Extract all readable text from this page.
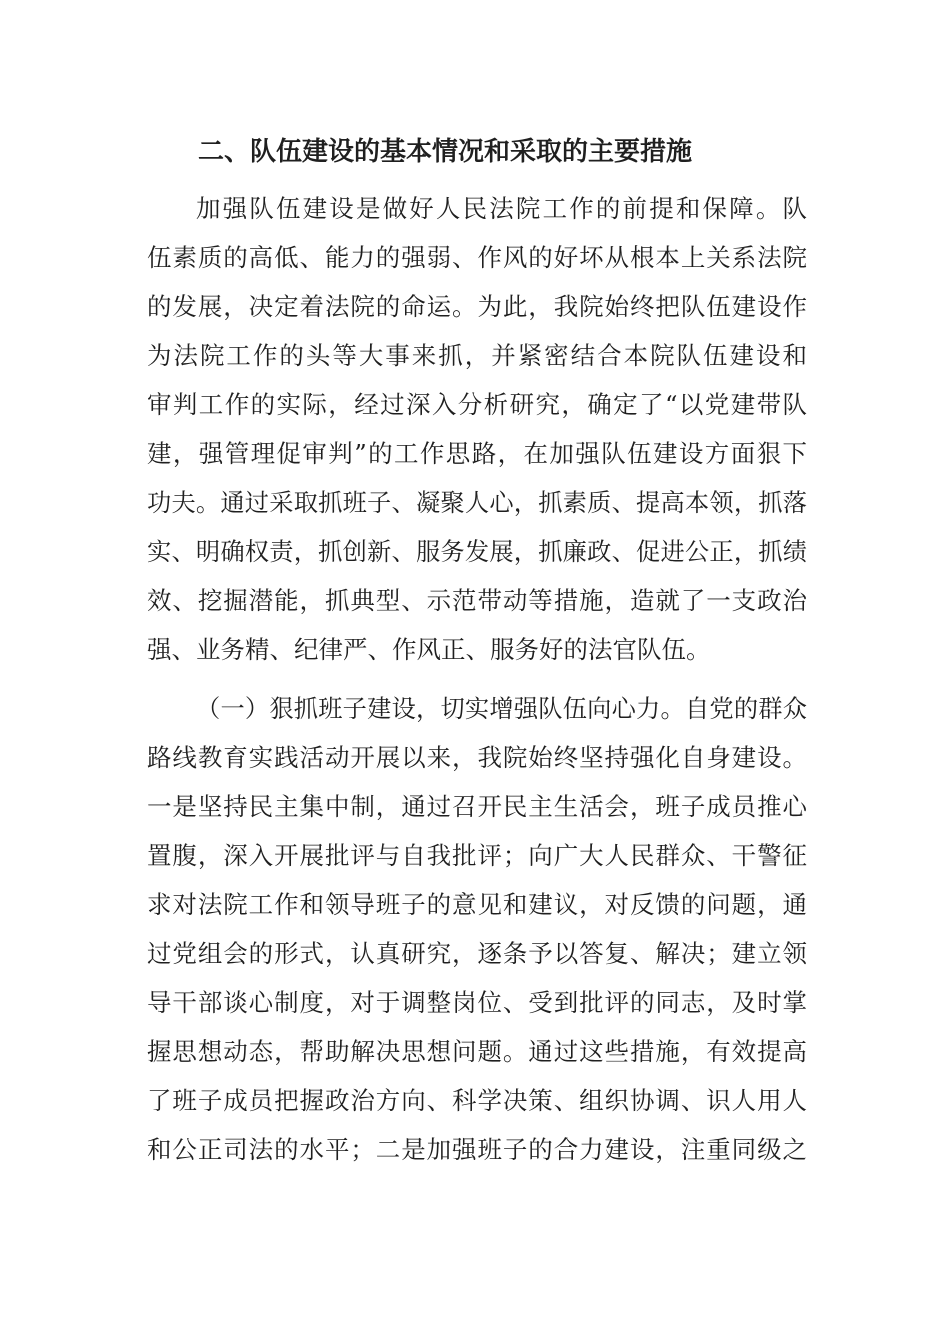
二、队伍建设的基本情况和采取的主要措施
加强队伍建设是做好人民法院工作的前提和保障。队
伍素质的高低、能力的强弱、作风的好坏从根本上关系法院
的发展，决定着法院的命运。为此，我院始终把队伍建设作
为法院工作的头等大事来抓，并紧密结合本院队伍建设和
审判工作的实际，经过深入分析研究，确定了“以党建带队
建，强管理促审判”的工作思路，在加强队伍建设方面狠下
功夫。通过采取抓班子、凝聚人心，抓素质、提高本领，抓落
实、明确权责，抓创新、服务发展，抓廉政、促进公正，抓绩
效、挖掘潜能，抓典型、示范带动等措施，造就了一支政治
强、业务精、纪律严、作风正、服务好的法官队伍。
（一）狠抓班子建设，切实增强队伍向心力。自党的群众
路线教育实践活动开展以来，我院始终坚持强化自身建设。
一是坚持民主集中制，通过召开民主生活会，班子成员推心
置腹，深入开展批评与自我批评；向广大人民群众、干警征
求对法院工作和领导班子的意见和建议，对反馈的问题，通
过党组会的形式，认真研究，逐条予以答复、解决；建立领
导干部谈心制度，对于调整岗位、受到批评的同志，及时掌
握思想动态，帮助解决思想问题。通过这些措施，有效提高
了班子成员把握政治方向、科学决策、组织协调、识人用人
和公正司法的水平；二是加强班子的合力建设，注重同级之
